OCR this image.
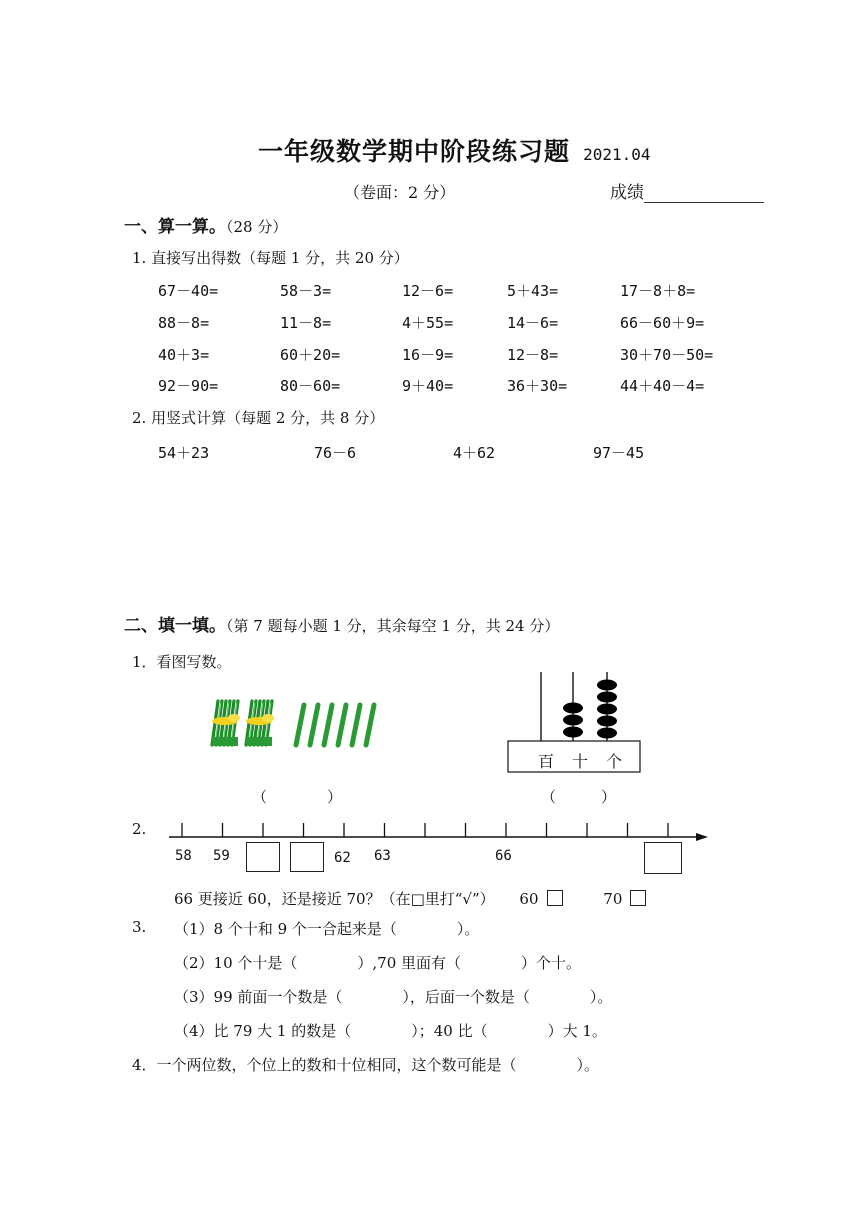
一年级数学期中阶段练习题 2021.04
（卷面：2 分）	成绩
一、算一算。（28 分）
1. 直接写出得数（每题 1 分，共 20 分）
67－40=	58－3=	12－6=	5＋43=	17－8＋8=
88－8=	11－8=	4＋55=	14－6=	66－60＋9=
40＋3=	60＋20=	16－9=	12－8=	30＋70－50=
92－90=	80－60=	9＋40=	36＋30=	44＋40－4=
2. 用竖式计算（每题 2 分，共 8 分）
54＋23	76－6	4＋62	97－45
二、填一填。（第 7 题每小题 1 分，其余每空 1 分，共 24 分）
1．看图写数。
百 十 个
（　　　　）	（　　　）
2.
58 59	62 63	66
66 更接近 60，还是接近 70？（在□里打“√”） 60	70
3. （1）8 个十和 9 个一合起来是（　　　　）。
（2）10 个十是（　　　　）,70 里面有（　　　　）个十。
（3）99 前面一个数是（　　　　），后面一个数是（　　　　）。
（4）比 79 大 1 的数是（　　　　）；40 比（　　　　）大 1。
4．一个两位数，个位上的数和十位相同，这个数可能是（　　　　）。
